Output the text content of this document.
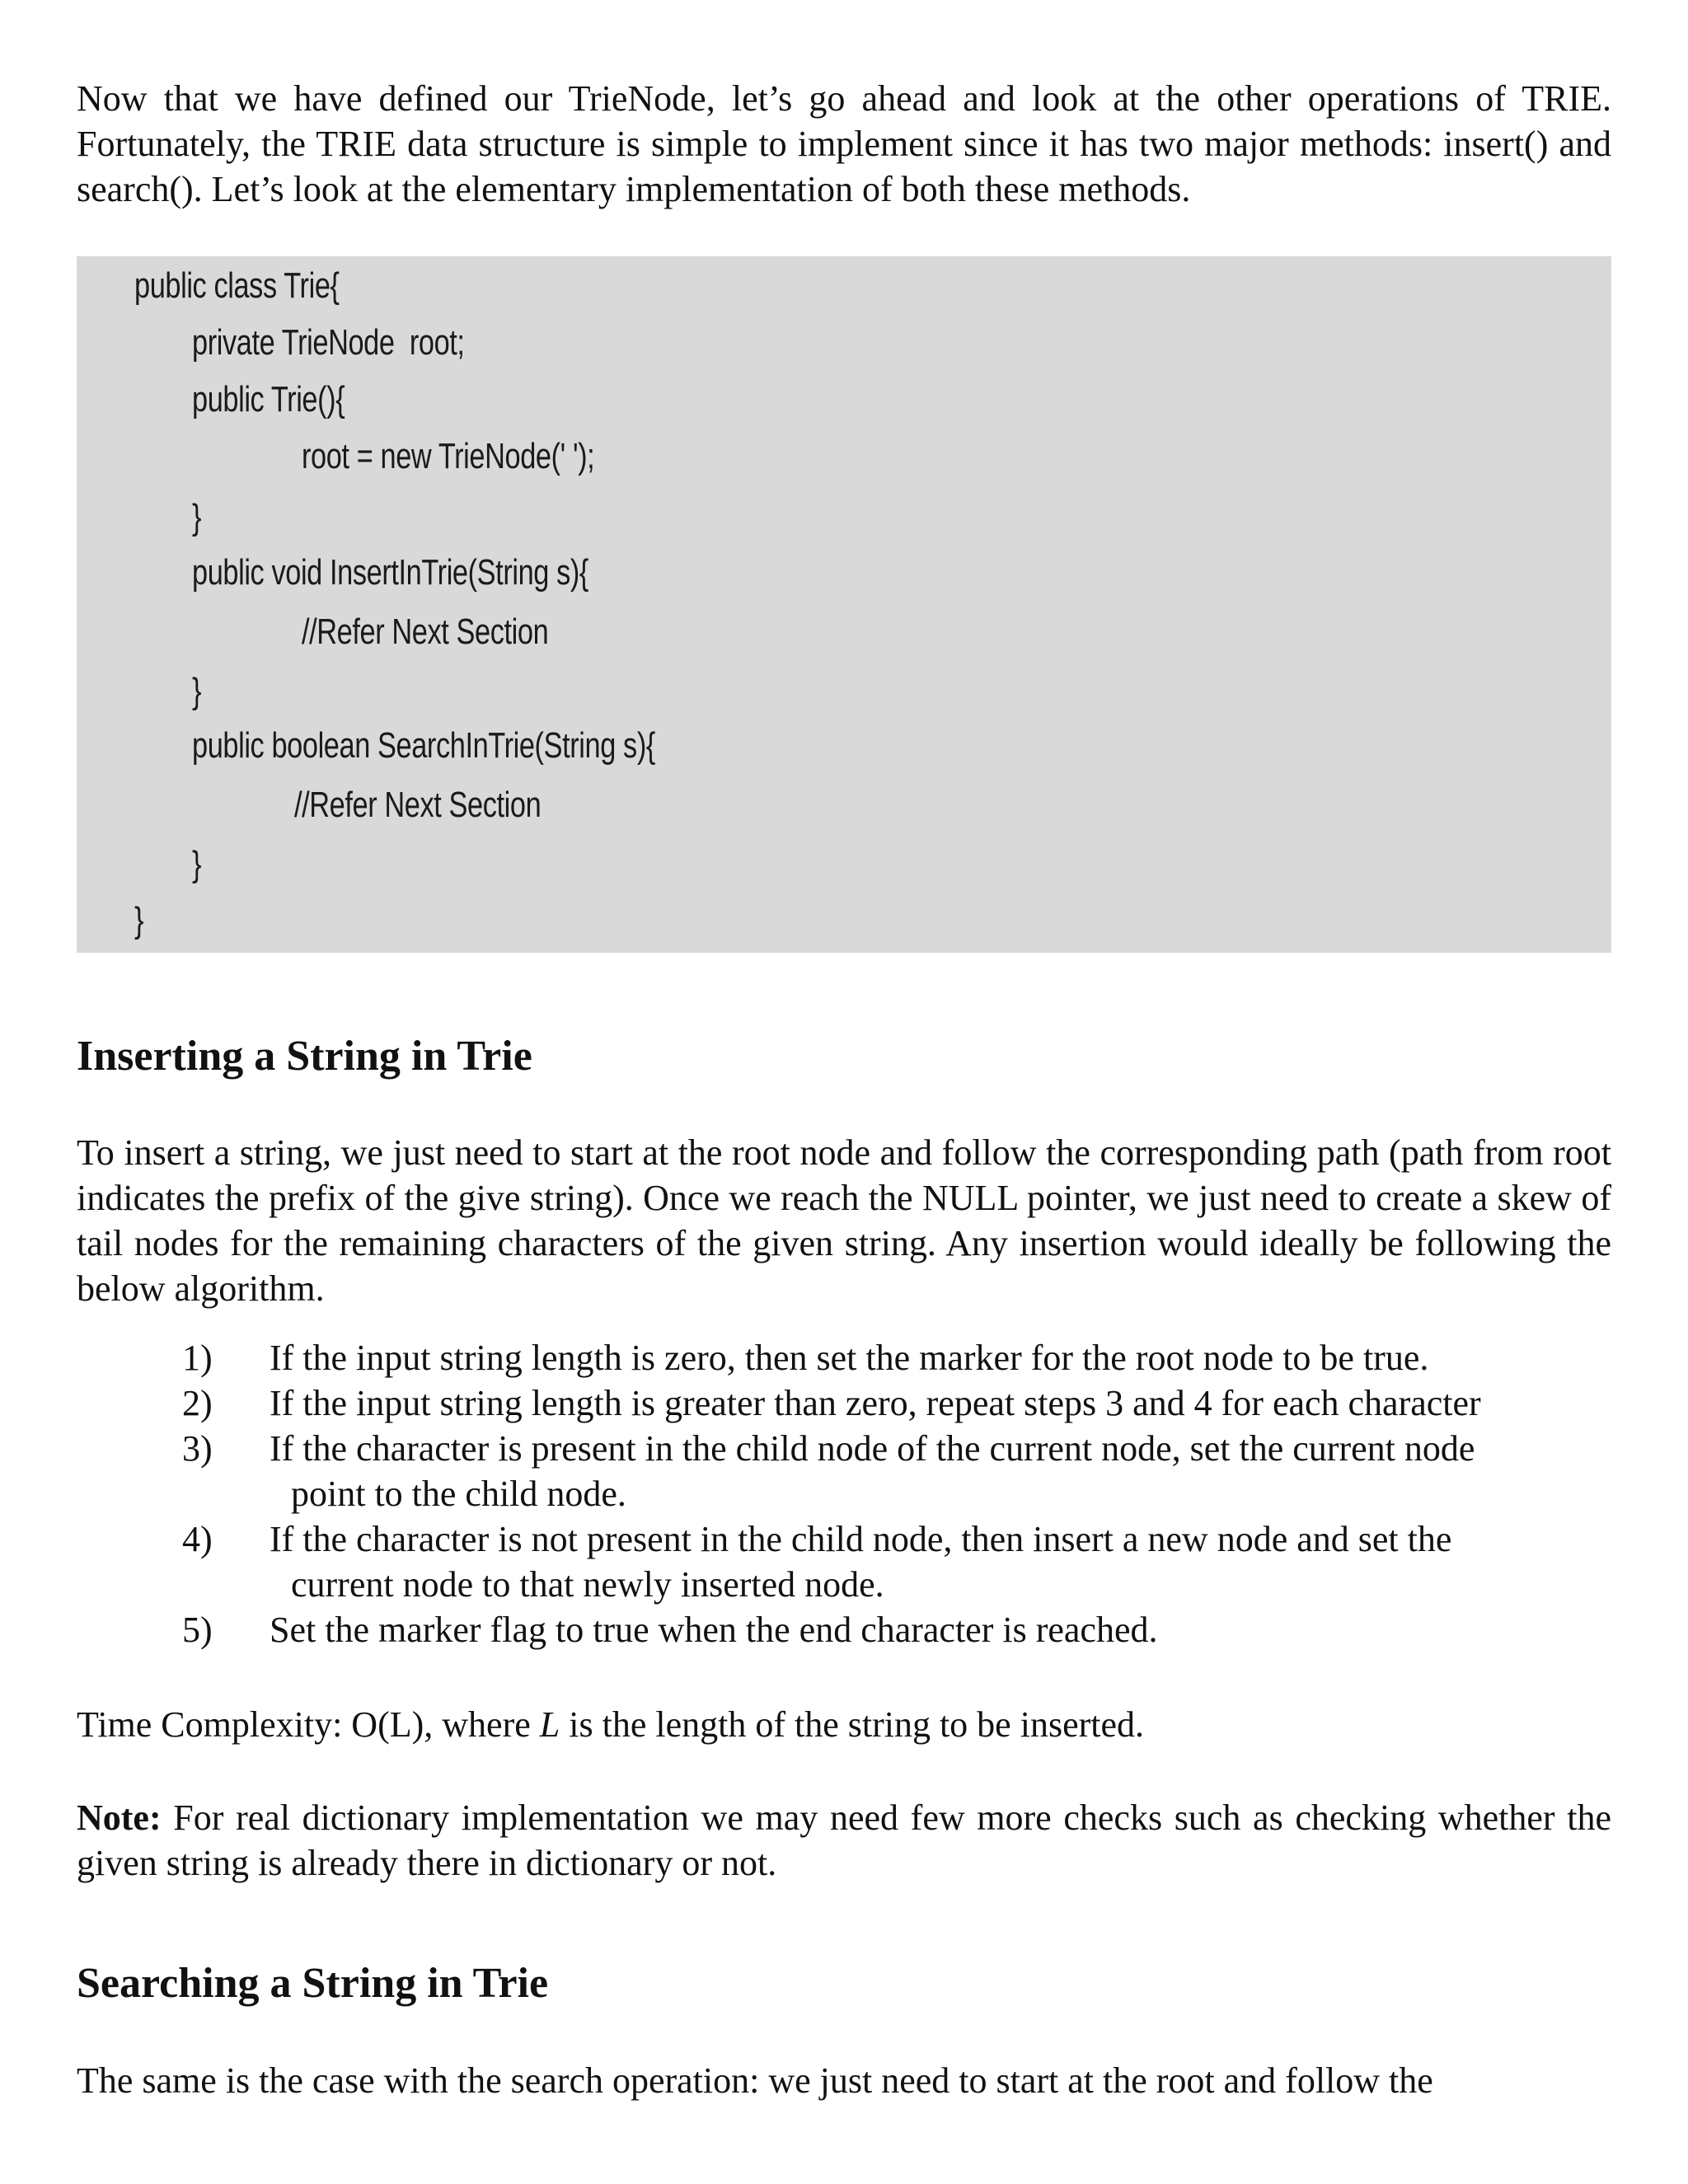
Now that we have defined our TrieNode, let’s go ahead and look at the other operations of TRIE. Fortunately, the TRIE data structure is simple to implement since it has two major methods: insert() and search(). Let’s look at the elementary implementation of both these methods.

public class Trie{
private TrieNode  root;
public Trie(){
root = new TrieNode(' ');
}
public void InsertInTrie(String s){
//Refer Next Section
}
public boolean SearchInTrie(String s){
//Refer Next Section
}
}
Inserting a String in Trie

To insert a string, we just need to start at the root node and follow the corresponding path (path from root indicates the prefix of the give string). Once we reach the NULL pointer, we just need to create a skew of tail nodes for the remaining characters of the given string. Any insertion would ideally be following the below algorithm.

1) If the input string length is zero, then set the marker for the root node to be true.
2) If the input string length is greater than zero, repeat steps 3 and 4 for each character
3) If the character is present in the child node of the current node, set the current node
point to the child node.
4) If the character is not present in the child node, then insert a new node and set the
current node to that newly inserted node.
5) Set the marker flag to true when the end character is reached.

Time Complexity: O(L), where L is the length of the string to be inserted.

Note: For real dictionary implementation we may need few more checks such as checking whether the given string is already there in dictionary or not.

Searching a String in Trie

The same is the case with the search operation: we just need to start at the root and follow the
